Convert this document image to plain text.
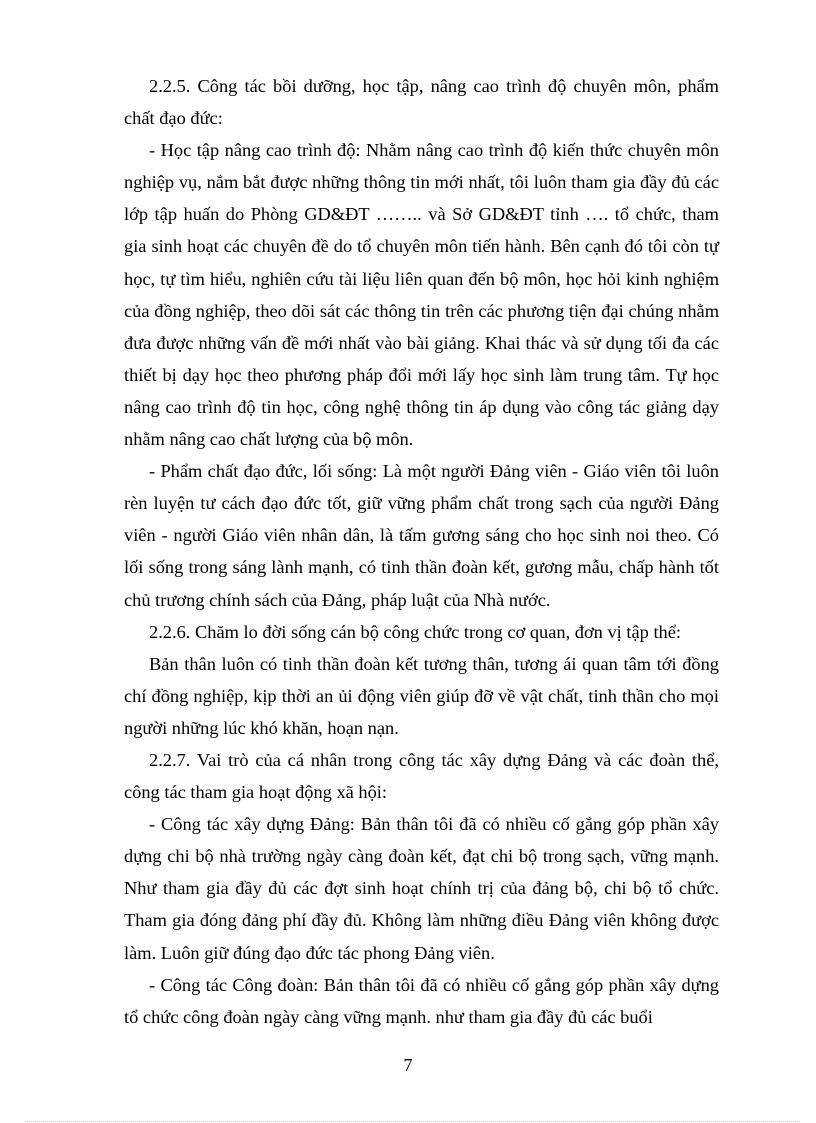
2.2.5. Công tác bồi dưỡng, học tập, nâng cao trình độ chuyên môn, phẩm chất đạo đức:

- Học tập nâng cao trình độ: Nhằm nâng cao trình độ kiến thức chuyên môn nghiệp vụ, nắm bắt được những thông tin mới nhất, tôi luôn tham gia đầy đủ các lớp tập huấn do Phòng GD&ĐT …….. và Sở GD&ĐT tỉnh …. tổ chức, tham gia sinh hoạt các chuyên đề do tổ chuyên môn tiến hành. Bên cạnh đó tôi còn tự học, tự tìm hiểu, nghiên cứu tài liệu liên quan đến bộ môn, học hỏi kinh nghiệm của đồng nghiệp, theo dõi sát các thông tin trên các phương tiện đại chúng nhằm đưa được những vấn đề mới nhất vào bài giảng. Khai thác và sử dụng tối đa các thiết bị dạy học theo phương pháp đổi mới lấy học sinh làm trung tâm. Tự học nâng cao trình độ tin học, công nghệ thông tin áp dụng vào công tác giảng dạy nhằm nâng cao chất lượng của bộ môn.

- Phẩm chất đạo đức, lối sống: Là một người Đảng viên - Giáo viên tôi luôn rèn luyện tư cách đạo đức tốt, giữ vững phẩm chất trong sạch của người Đảng viên - người Giáo viên nhân dân, là tấm gương sáng cho học sinh noi theo. Có lối sống trong sáng lành mạnh, có tinh thần đoàn kết, gương mẫu, chấp hành tốt chủ trương chính sách của Đảng, pháp luật của Nhà nước.

2.2.6. Chăm lo đời sống cán bộ công chức trong cơ quan, đơn vị tập thể:

Bản thân luôn có tinh thần đoàn kết tương thân, tương ái quan tâm tới đồng chí đồng nghiệp, kịp thời an ủi động viên giúp đỡ về vật chất, tinh thần cho mọi người những lúc khó khăn, hoạn nạn.

2.2.7. Vai trò của cá nhân trong công tác xây dựng Đảng và các đoàn thể, công tác tham gia hoạt động xã hội:

- Công tác xây dựng Đảng: Bản thân tôi đã có nhiều cố gắng góp phần xây dựng chi bộ nhà trường ngày càng đoàn kết, đạt chi bộ trong sạch, vững mạnh. Như tham gia đầy đủ các đợt sinh hoạt chính trị của đảng bộ, chi bộ tổ chức. Tham gia đóng đảng phí đầy đủ. Không làm những điều Đảng viên không được làm. Luôn giữ đúng đạo đức tác phong Đảng viên.

- Công tác Công đoàn: Bản thân tôi đã có nhiều cố gắng góp phần xây dựng tổ chức công đoàn ngày càng vững mạnh. như tham gia đầy đủ các buổi

7
